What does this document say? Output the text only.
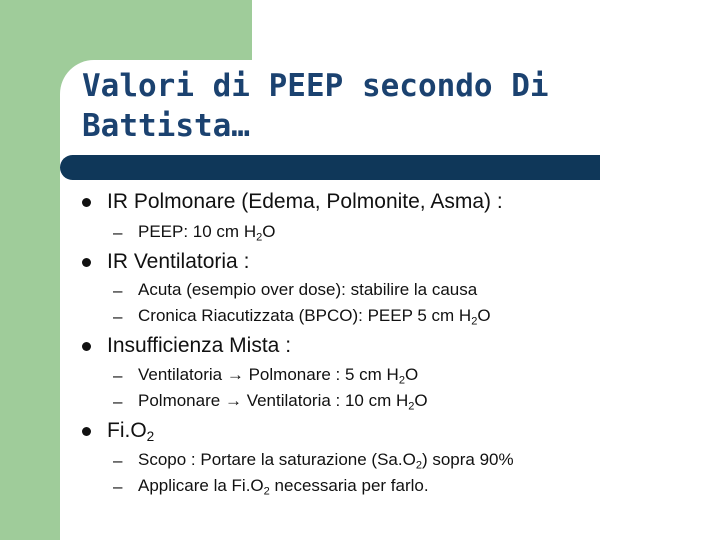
Valori di PEEP secondo Di
Battista…
IR Polmonare (Edema, Polmonite, Asma) :
– PEEP: 10 cm $H_2O$
IR Ventilatoria :
– Acuta (esempio over dose): stabilire la causa
– Cronica Riacutizzata (BPCO): PEEP 5 cm $H_2O$
Insufficienza Mista :
– Ventilatoria → Polmonare : 5 cm $H_2O$
– Polmonare → Ventilatoria : 10 cm $H_2O$
$Fi.O_2$
– Scopo : Portare la saturazione $(Sa.O_2)$ sopra 90%
– Applicare la $Fi.O_2$ necessaria per farlo.
